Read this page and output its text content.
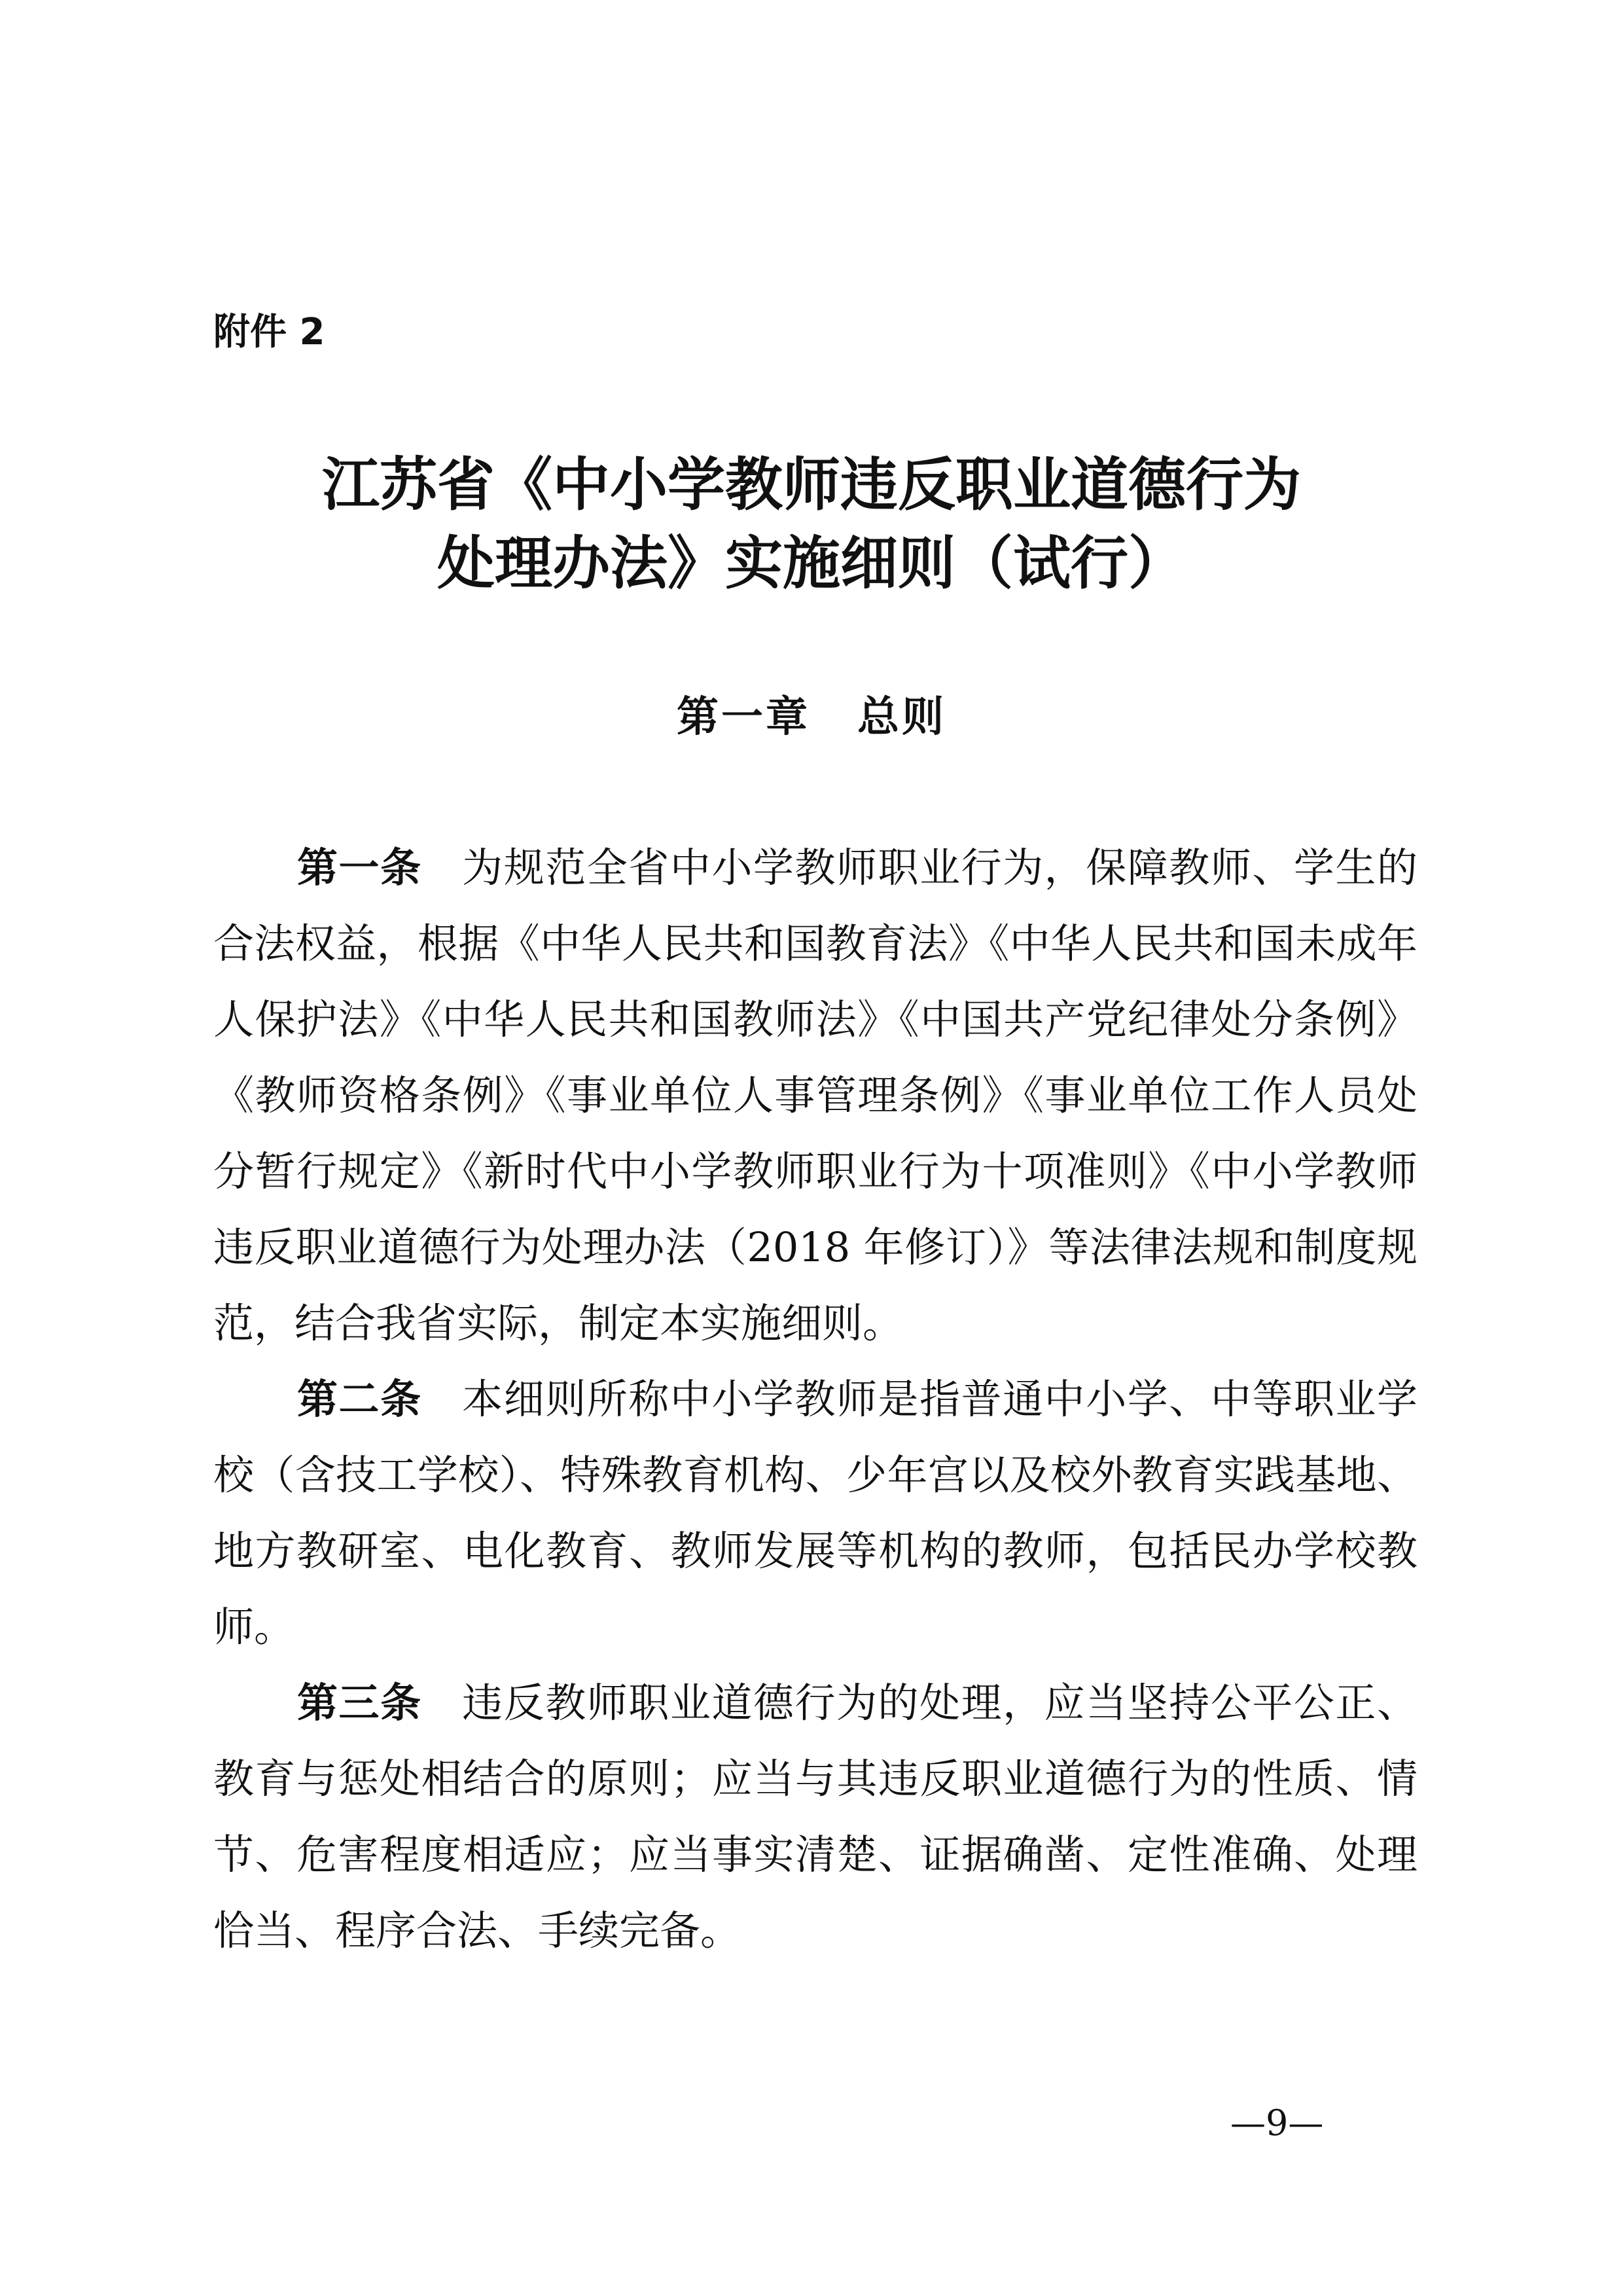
附件 2
江苏省《中小学教师违反职业道德行为
处理办法》实施细则（试行）
第一章 总则

第一条 为规范全省中小学教师职业行为，保障教师、学生的合法权益，根据《中华人民共和国教育法》《中华人民共和国未成年人保护法》《中华人民共和国教师法》《中国共产党纪律处分条例》《教师资格条例》《事业单位人事管理条例》《事业单位工作人员处分暂行规定》《新时代中小学教师职业行为十项准则》《中小学教师违反职业道德行为处理办法（2018 年修订）》等法律法规和制度规范，结合我省实际，制定本实施细则。

第二条 本细则所称中小学教师是指普通中小学、中等职业学校（含技工学校）、特殊教育机构、少年宫以及校外教育实践基地、地方教研室、电化教育、教师发展等机构的教师，包括民办学校教师。

第三条 违反教师职业道德行为的处理，应当坚持公平公正、教育与惩处相结合的原则；应当与其违反职业道德行为的性质、情节、危害程度相适应；应当事实清楚、证据确凿、定性准确、处理恰当、程序合法、手续完备。

—9—
